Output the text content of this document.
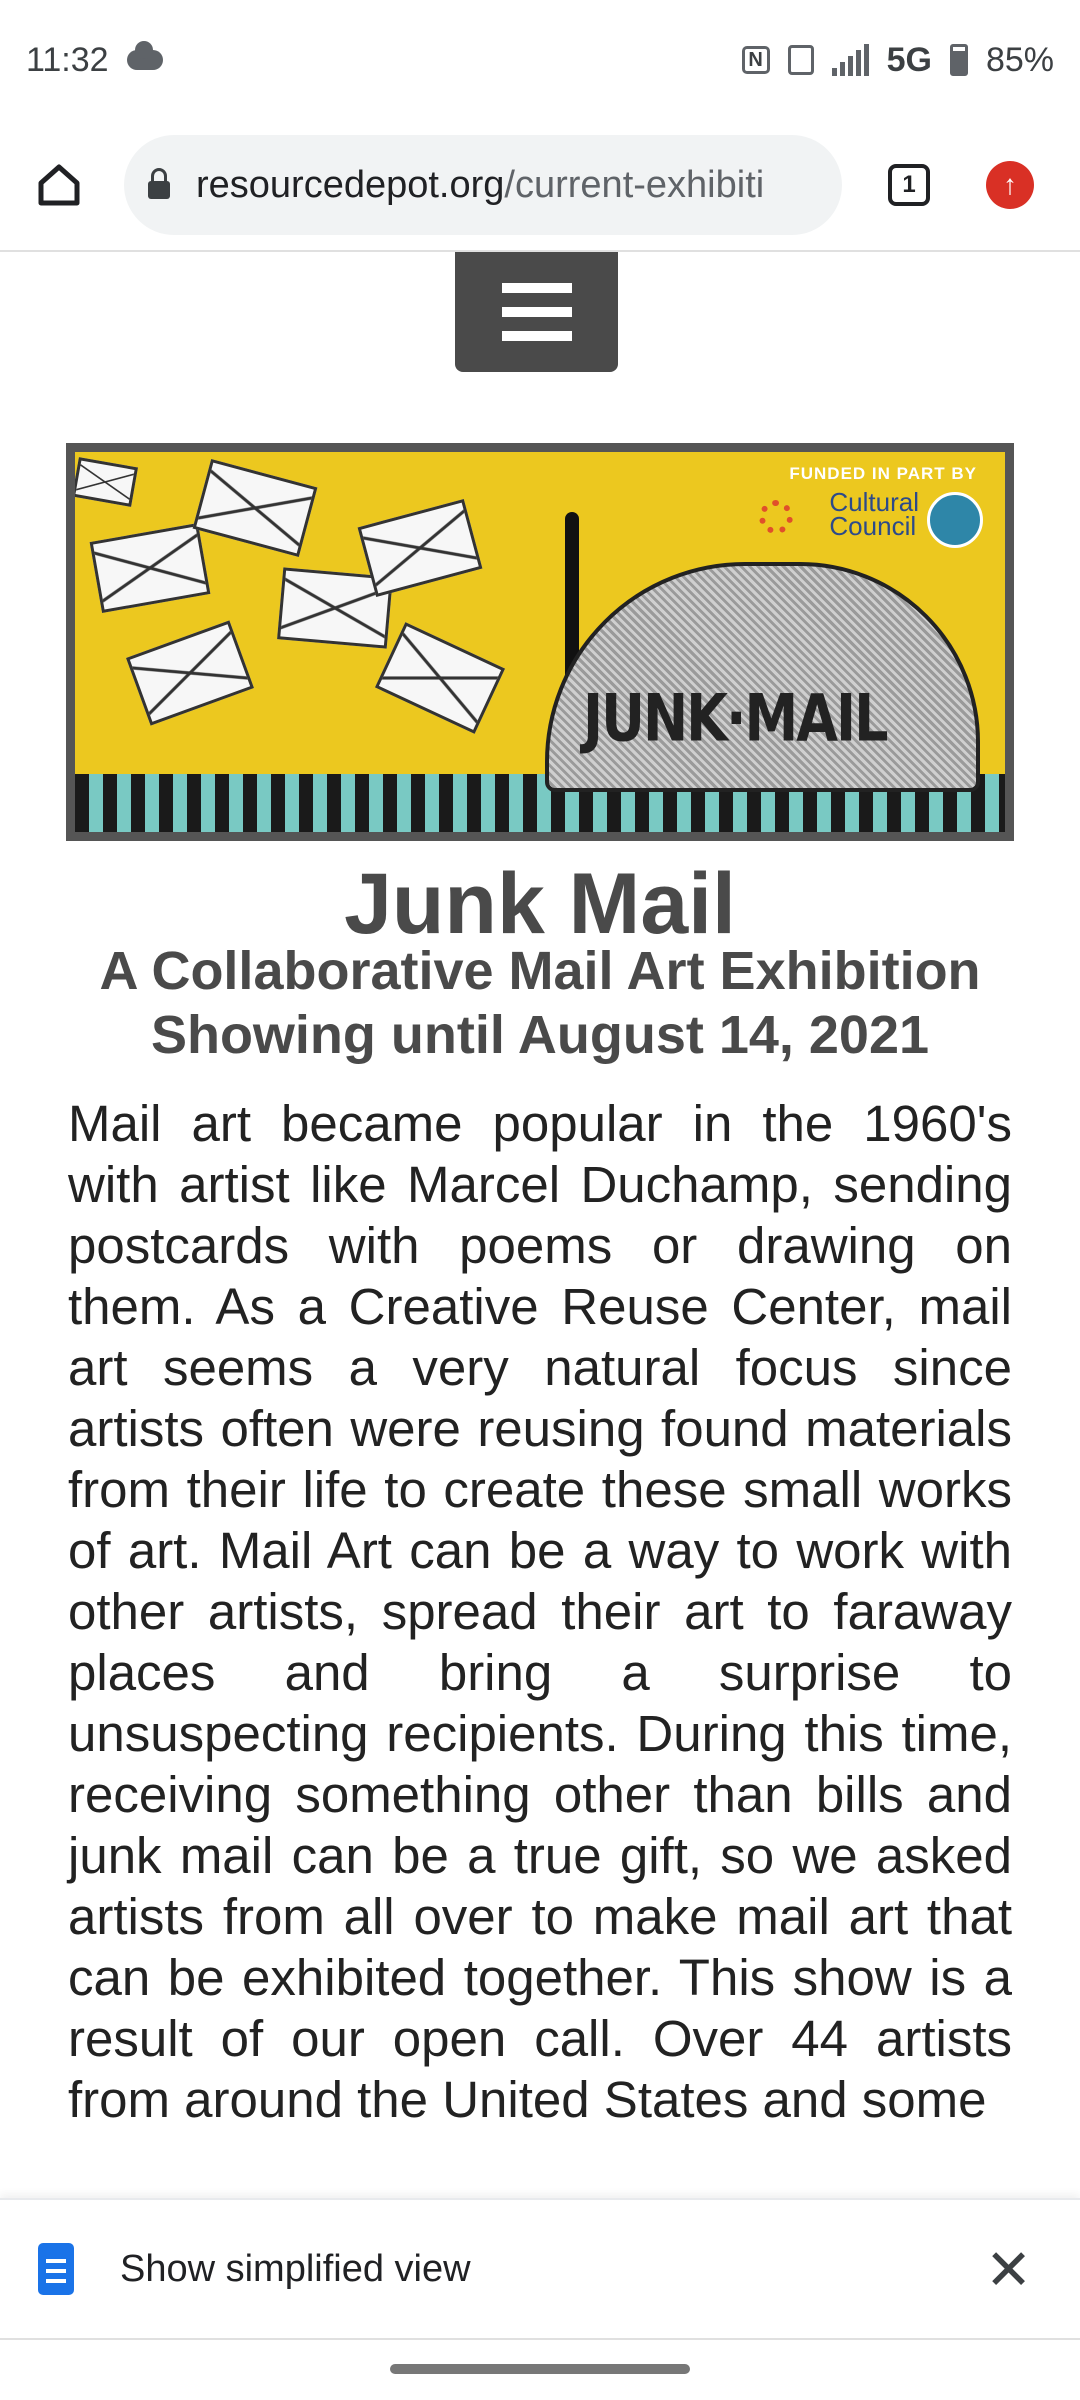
11:32	N	5G 85%
resourcedepot.org/current-exhibiti	1	↑
JUNK·MAIL
FUNDED IN PART BY
Cultural
Council
Junk Mail
A Collaborative Mail Art Exhibition
Showing until August 14, 2021

Mail art became popular in the 1960's with artist like Marcel Duchamp, sending postcards with poems or drawing on them. As a Creative Reuse Center, mail art seems a very natural focus since artists often were reusing found materials from their life to create these small works of art. Mail Art can be a way to work with other artists, spread their art to faraway places and bring a surprise to unsuspecting recipients. During this time, receiving something other than bills and junk mail can be a true gift, so we asked artists from all over to make mail art that can be exhibited together. This show is a result of our open call. Over 44 artists from around the United States and some

Show simplified view	✕
